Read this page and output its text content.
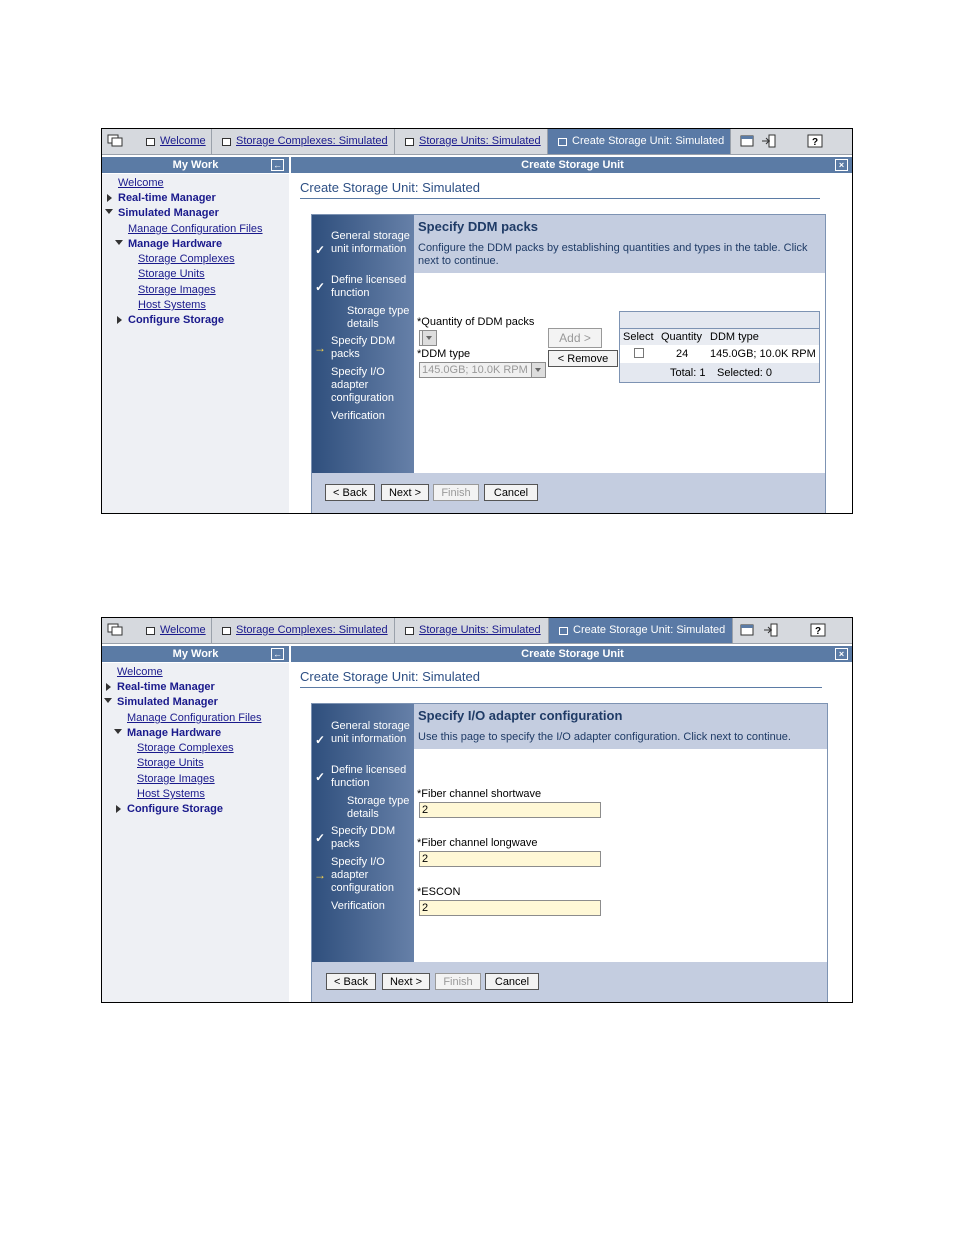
Welcome	Storage Complexes: Simulated	Storage Units: Simulated	Create Storage Unit: Simulated	?
My Work	←	Create Storage Unit	×
Welcome
Real-time Manager
Simulated Manager
Manage Configuration Files
Manage Hardware
Storage Complexes
Storage Units
Storage Images
Host Systems
Configure Storage
Create Storage Unit: Simulated
General storage unit information
✓
Define licensed function
✓
Storage type details
Specify DDM packs
→
Specify I/O adapter configuration
Verification
Specify DDM packs
Configure the DDM packs by establishing quantities and types in the table. Click next to continue.
*Quantity of DDM packs
*DDM type
145.0GB; 10.0K RPM
Add >
< Remove
Select Quantity DDM type
24 145.0GB; 10.0K RPM
Total: 1 Selected: 0
< Back	Next >	Finish	Cancel
Welcome	Storage Complexes: Simulated	Storage Units: Simulated	Create Storage Unit: Simulated	?
My Work	←	Create Storage Unit	×
Welcome
Real-time Manager
Simulated Manager
Manage Configuration Files
Manage Hardware
Storage Complexes
Storage Units
Storage Images
Host Systems
Configure Storage
Create Storage Unit: Simulated
General storage unit information
✓
Define licensed function
✓
Storage type details
Specify DDM packs
✓
Specify I/O adapter configuration
→
Verification
Specify I/O adapter configuration
Use this page to specify the I/O adapter configuration. Click next to continue.
*Fiber channel shortwave
2
*Fiber channel longwave
2
*ESCON
2
< Back	Next >	Finish	Cancel
